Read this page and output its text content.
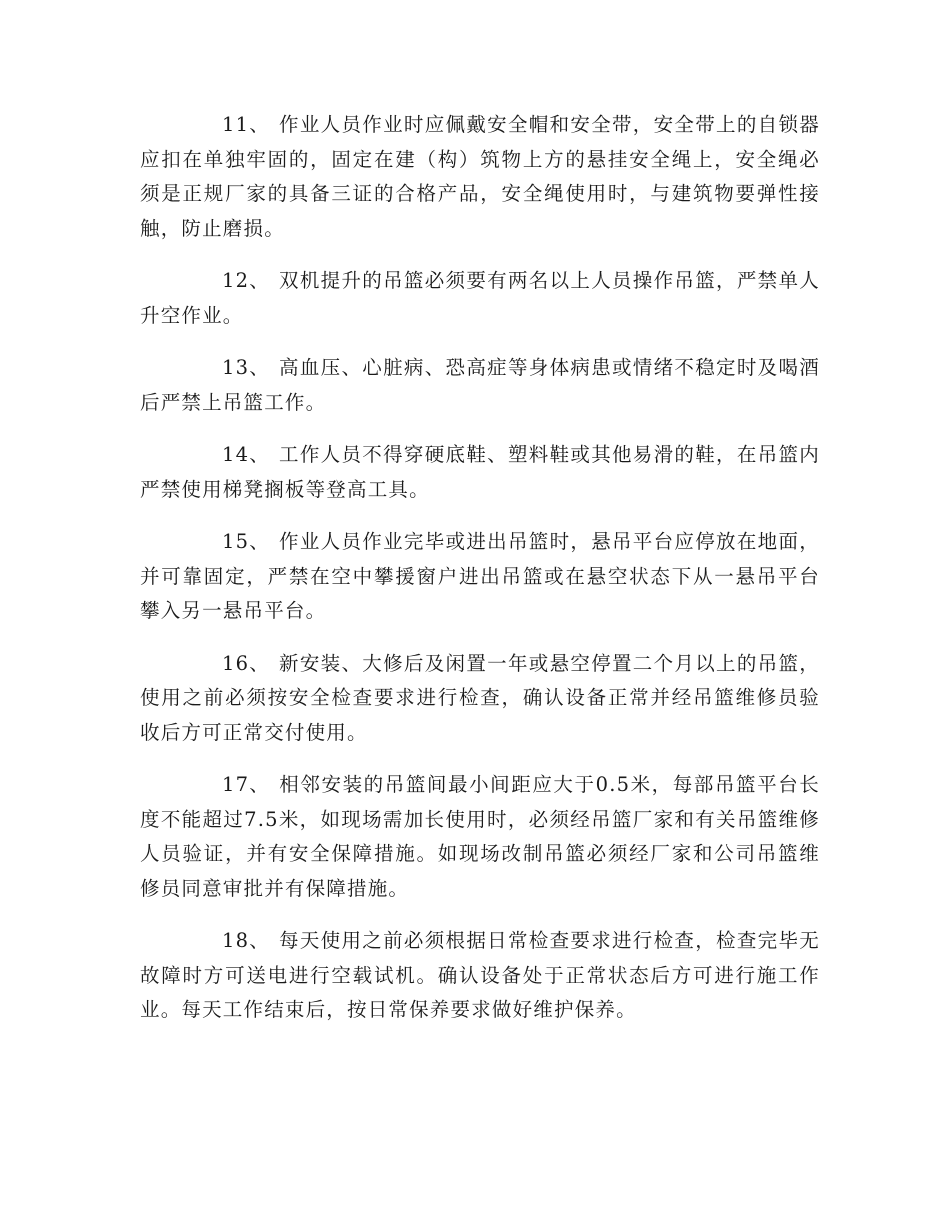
11、 作业人员作业时应佩戴安全帽和安全带，安全带上的自锁器应扣在单独牢固的，固定在建（构）筑物上方的悬挂安全绳上，安全绳必须是正规厂家的具备三证的合格产品，安全绳使用时，与建筑物要弹性接触，防止磨损。

12、 双机提升的吊篮必须要有两名以上人员操作吊篮，严禁单人升空作业。

13、 高血压、心脏病、恐高症等身体病患或情绪不稳定时及喝酒后严禁上吊篮工作。

14、 工作人员不得穿硬底鞋、塑料鞋或其他易滑的鞋，在吊篮内严禁使用梯凳搁板等登高工具。

15、 作业人员作业完毕或进出吊篮时，悬吊平台应停放在地面，并可靠固定，严禁在空中攀援窗户进出吊篮或在悬空状态下从一悬吊平台攀入另一悬吊平台。

16、 新安装、大修后及闲置一年或悬空停置二个月以上的吊篮，使用之前必须按安全检查要求进行检查，确认设备正常并经吊篮维修员验收后方可正常交付使用。

17、 相邻安装的吊篮间最小间距应大于0.5米，每部吊篮平台长度不能超过7.5米，如现场需加长使用时，必须经吊篮厂家和有关吊篮维修人员验证，并有安全保障措施。如现场改制吊篮必须经厂家和公司吊篮维修员同意审批并有保障措施。

18、 每天使用之前必须根据日常检查要求进行检查，检查完毕无故障时方可送电进行空载试机。确认设备处于正常状态后方可进行施工作业。每天工作结束后，按日常保养要求做好维护保养。
